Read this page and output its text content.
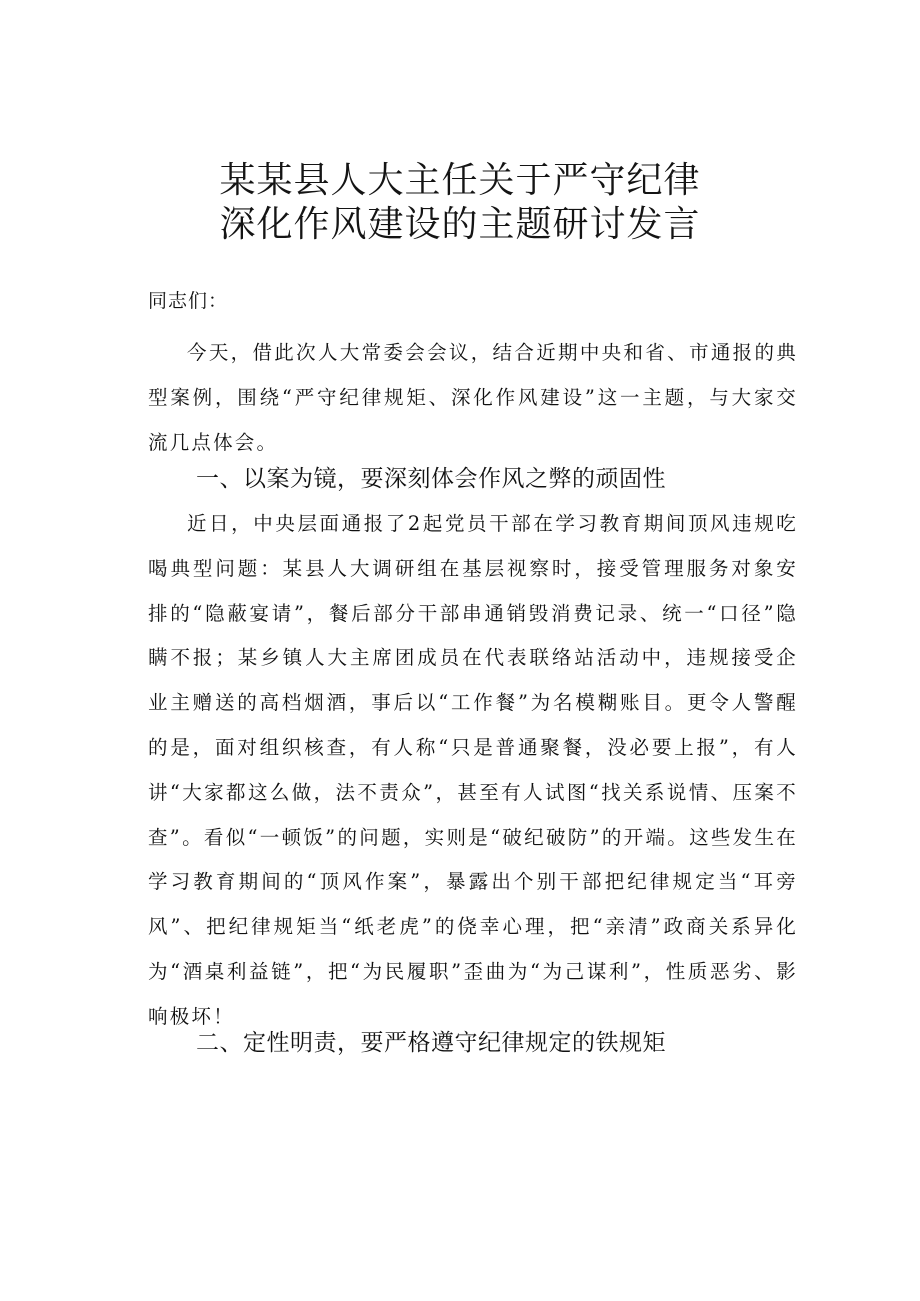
某某县人大主任关于严守纪律
深化作风建设的主题研讨发言
同志们：

今天，借此次人大常委会会议，结合近期中央和省、市通报的典型案例，围绕“严守纪律规矩、深化作风建设”这一主题，与大家交流几点体会。

一、以案为镜，要深刻体会作风之弊的顽固性

近日，中央层面通报了2起党员干部在学习教育期间顶风违规吃喝典型问题：某县人大调研组在基层视察时，接受管理服务对象安排的“隐蔽宴请”，餐后部分干部串通销毁消费记录、统一“口径”隐瞒不报；某乡镇人大主席团成员在代表联络站活动中，违规接受企业主赠送的高档烟酒，事后以“工作餐”为名模糊账目。更令人警醒的是，面对组织核查，有人称“只是普通聚餐，没必要上报”，有人讲“大家都这么做，法不责众”，甚至有人试图“找关系说情、压案不查”。看似“一顿饭”的问题，实则是“破纪破防”的开端。这些发生在学习教育期间的“顶风作案”，暴露出个别干部把纪律规定当“耳旁风”、把纪律规矩当“纸老虎”的侥幸心理，把“亲清”政商关系异化为“酒桌利益链”，把“为民履职”歪曲为“为己谋利”，性质恶劣、影响极坏！

二、定性明责，要严格遵守纪律规定的铁规矩
